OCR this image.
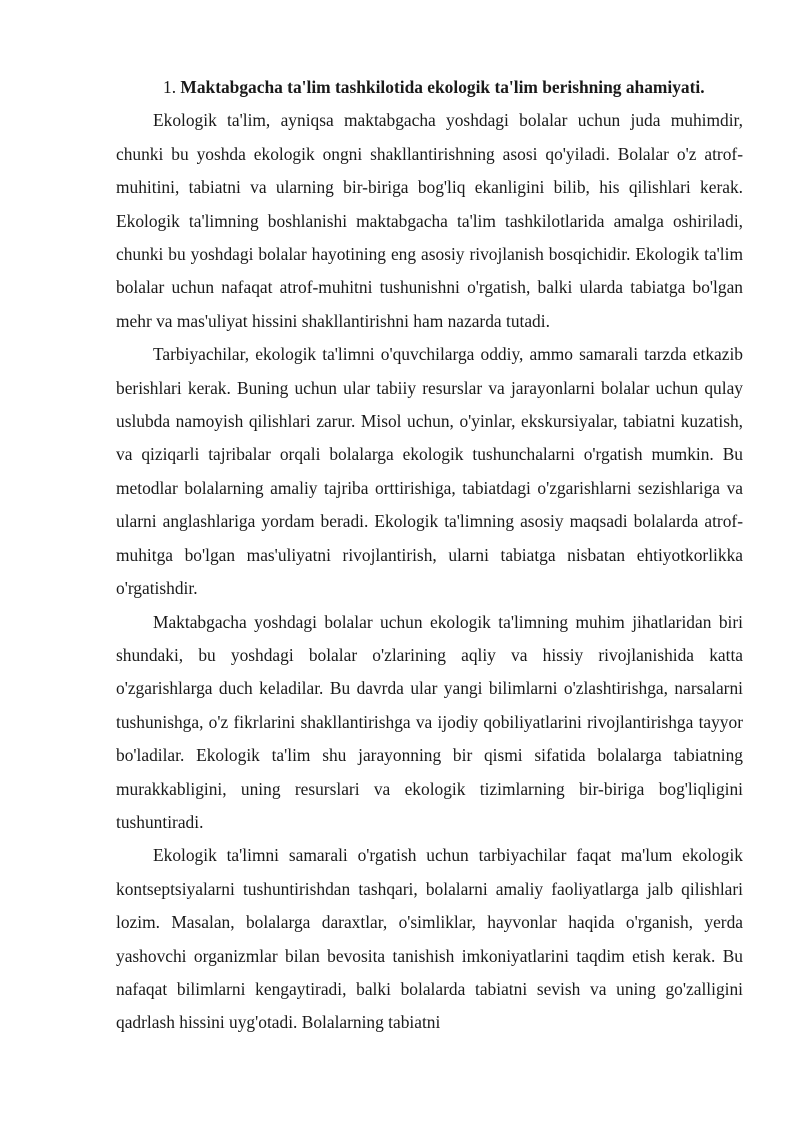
1. Maktabgacha ta'lim tashkilotida ekologik ta'lim berishning ahamiyati.

Ekologik ta'lim, ayniqsa maktabgacha yoshdagi bolalar uchun juda muhimdir, chunki bu yoshda ekologik ongni shakllantirishning asosi qo'yiladi. Bolalar o'z atrof-muhitini, tabiatni va ularning bir-biriga bog'liq ekanligini bilib, his qilishlari kerak. Ekologik ta'limning boshlanishi maktabgacha ta'lim tashkilotlarida amalga oshiriladi, chunki bu yoshdagi bolalar hayotining eng asosiy rivojlanish bosqichidir. Ekologik ta'lim bolalar uchun nafaqat atrof-muhitni tushunishni o'rgatish, balki ularda tabiatga bo'lgan mehr va mas'uliyat hissini shakllantirishni ham nazarda tutadi.

Tarbiyachilar, ekologik ta'limni o'quvchilarga oddiy, ammo samarali tarzda etkazib berishlari kerak. Buning uchun ular tabiiy resurslar va jarayonlarni bolalar uchun qulay uslubda namoyish qilishlari zarur. Misol uchun, o'yinlar, ekskursiyalar, tabiatni kuzatish, va qiziqarli tajribalar orqali bolalarga ekologik tushunchalarni o'rgatish mumkin. Bu metodlar bolalarning amaliy tajriba orttirishiga, tabiatdagi o'zgarishlarni sezishlariga va ularni anglashlariga yordam beradi. Ekologik ta'limning asosiy maqsadi bolalarda atrof-muhitga bo'lgan mas'uliyatni rivojlantirish, ularni tabiatga nisbatan ehtiyotkorlikka o'rgatishdir.

Maktabgacha yoshdagi bolalar uchun ekologik ta'limning muhim jihatlaridan biri shundaki, bu yoshdagi bolalar o'zlarining aqliy va hissiy rivojlanishida katta o'zgarishlarga duch keladilar. Bu davrda ular yangi bilimlarni o'zlashtirishga, narsalarni tushunishga, o'z fikrlarini shakllantirishga va ijodiy qobiliyatlarini rivojlantirishga tayyor bo'ladilar. Ekologik ta'lim shu jarayonning bir qismi sifatida bolalarga tabiatning murakkabligini, uning resurslari va ekologik tizimlarning bir-biriga bog'liqligini tushuntiradi.

Ekologik ta'limni samarali o'rgatish uchun tarbiyachilar faqat ma'lum ekologik kontseptsiyalarni tushuntirishdan tashqari, bolalarni amaliy faoliyatlarga jalb qilishlari lozim. Masalan, bolalarga daraxtlar, o'simliklar, hayvonlar haqida o'rganish, yerda yashovchi organizmlar bilan bevosita tanishish imkoniyatlarini taqdim etish kerak. Bu nafaqat bilimlarni kengaytiradi, balki bolalarda tabiatni sevish va uning go'zalligini qadrlash hissini uyg'otadi. Bolalarning tabiatni
